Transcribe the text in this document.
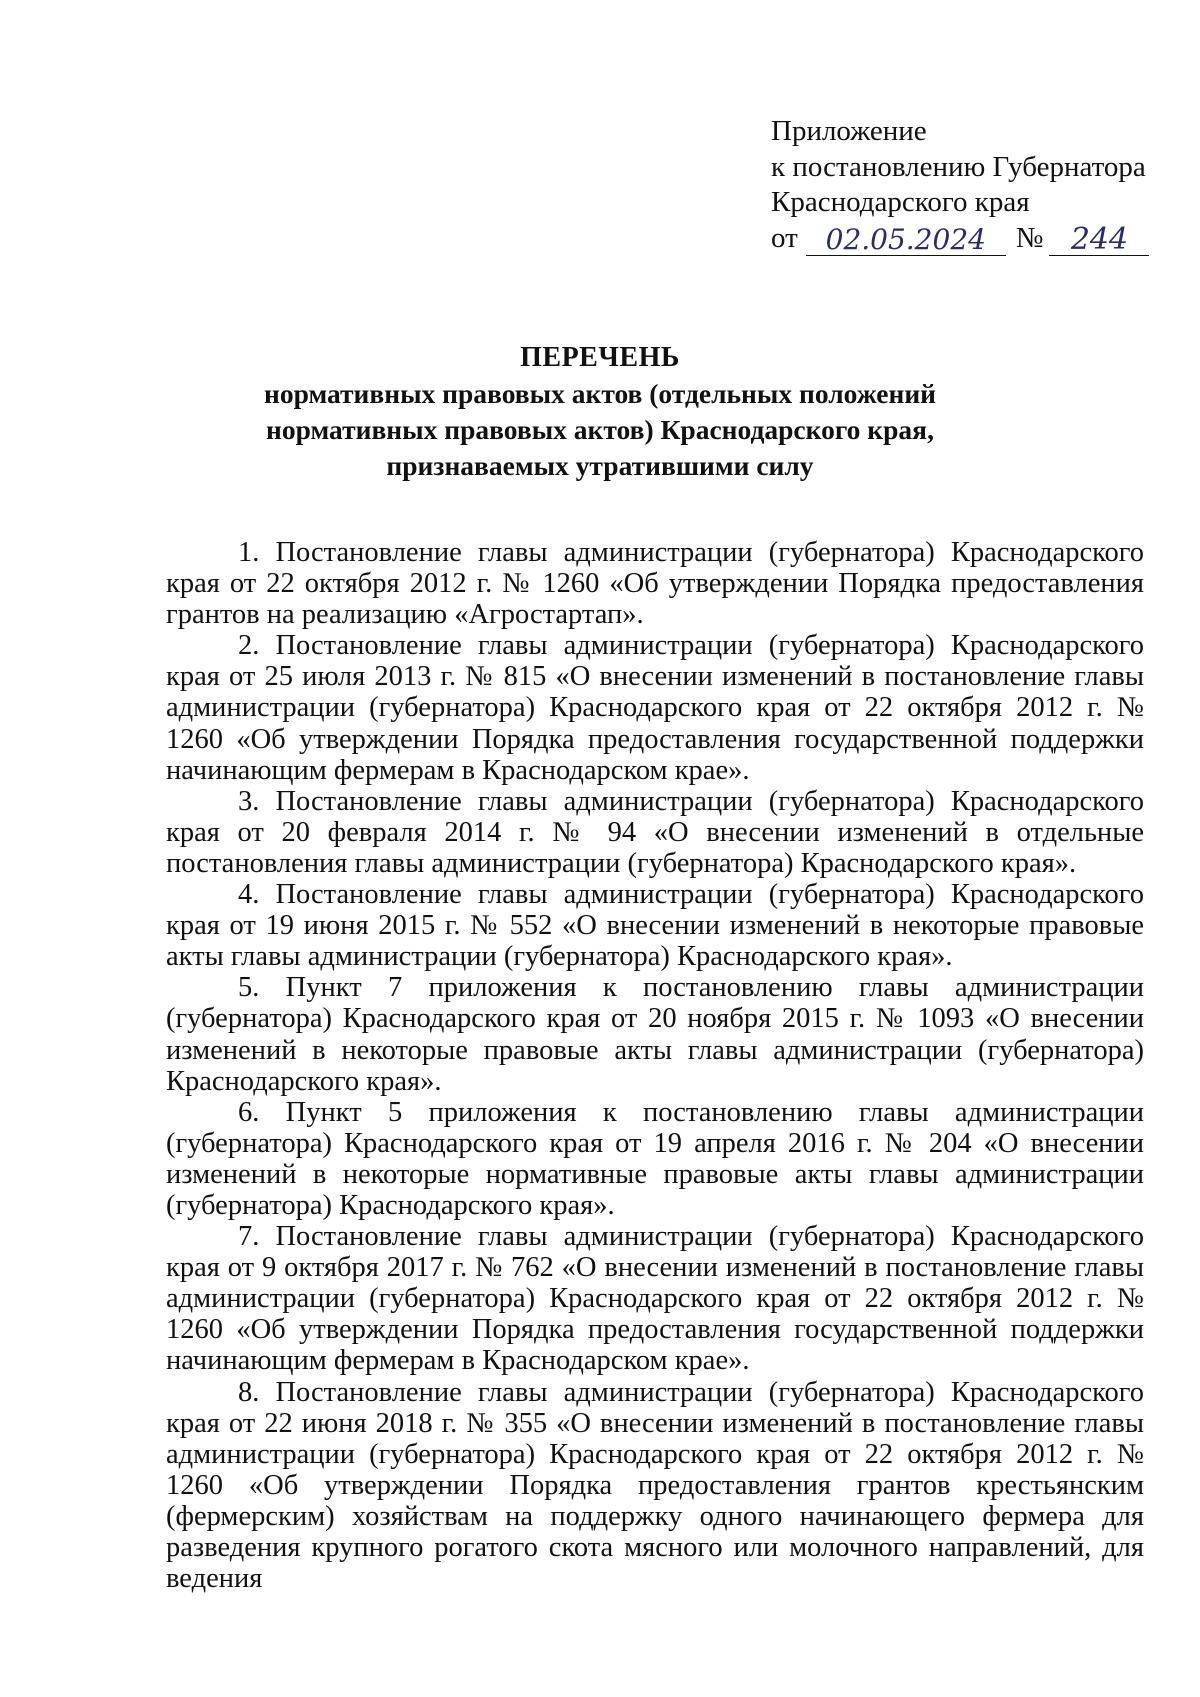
Приложение
к постановлению Губернатора
Краснодарского края
от 02.05.2024	№ 244
ПЕРЕЧЕНЬ
нормативных правовых актов (отдельных положений
нормативных правовых актов) Краснодарского края,
признаваемых утратившими силу

1. Постановление главы администрации (губернатора) Краснодарского края от 22 октября 2012 г. № 1260 «Об утверждении Порядка предоставления грантов на реализацию «Агростартап».

2. Постановление главы администрации (губернатора) Краснодарского края от 25 июля 2013 г. № 815 «О внесении изменений в постановление главы администрации (губернатора) Краснодарского края от 22 октября 2012 г. № 1260 «Об утверждении Порядка предоставления государственной поддержки начинающим фермерам в Краснодарском крае».

3. Постановление главы администрации (губернатора) Краснодарского края от 20 февраля 2014 г. № 94 «О внесении изменений в отдельные постановления главы администрации (губернатора) Краснодарского края».

4. Постановление главы администрации (губернатора) Краснодарского края от 19 июня 2015 г. № 552 «О внесении изменений в некоторые правовые акты главы администрации (губернатора) Краснодарского края».

5. Пункт 7 приложения к постановлению главы администрации (губернатора) Краснодарского края от 20 ноября 2015 г. № 1093 «О внесении изменений в некоторые правовые акты главы администрации (губернатора) Краснодарского края».

6. Пункт 5 приложения к постановлению главы администрации (губернатора) Краснодарского края от 19 апреля 2016 г. № 204 «О внесении изменений в некоторые нормативные правовые акты главы администрации (губернатора) Краснодарского края».

7. Постановление главы администрации (губернатора) Краснодарского края от 9 октября 2017 г. № 762 «О внесении изменений в постановление главы администрации (губернатора) Краснодарского края от 22 октября 2012 г. № 1260 «Об утверждении Порядка предоставления государственной поддержки начинающим фермерам в Краснодарском крае».

8. Постановление главы администрации (губернатора) Краснодарского края от 22 июня 2018 г. № 355 «О внесении изменений в постановление главы администрации (губернатора) Краснодарского края от 22 октября 2012 г. № 1260 «Об утверждении Порядка предоставления грантов крестьянским (фермерским) хозяйствам на поддержку одного начинающего фермера для разведения крупного рогатого скота мясного или молочного направлений, для ведения
